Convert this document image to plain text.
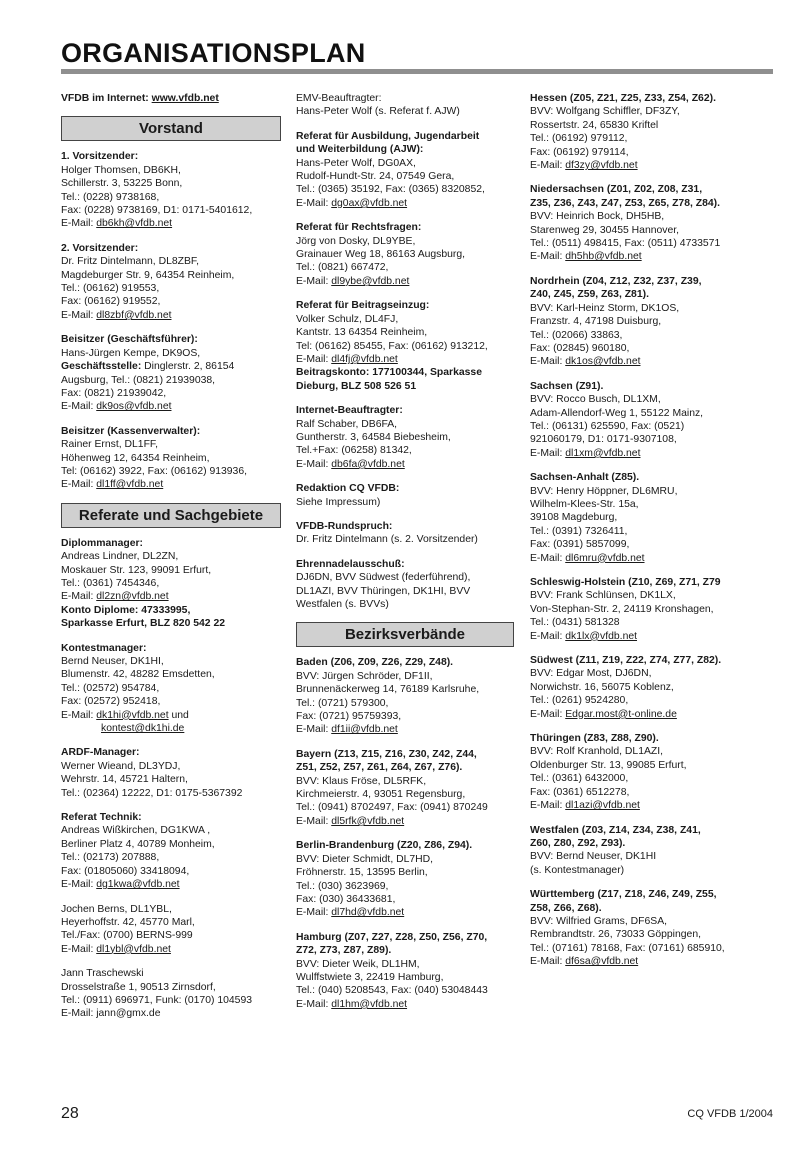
ORGANISATIONSPLAN
VFDB im Internet: www.vfdb.net
Vorstand
1. Vorsitzender:
Holger Thomsen, DB6KH,
Schillerstr. 3, 53225 Bonn,
Tel.: (0228) 9738168,
Fax: (0228) 9738169, D1: 0171-5401612,
E-Mail: db6kh@vfdb.net
2. Vorsitzender:
Dr. Fritz Dintelmann, DL8ZBF,
Magdeburger Str. 9, 64354 Reinheim,
Tel.: (06162) 919553,
Fax: (06162) 919552,
E-Mail: dl8zbf@vfdb.net
Beisitzer (Geschäftsführer):
Hans-Jürgen Kempe, DK9OS,
Geschäftsstelle: Dinglerstr. 2, 86154
Augsburg, Tel.: (0821) 21939038,
Fax: (0821) 21939042,
E-Mail: dk9os@vfdb.net
Beisitzer (Kassenverwalter):
Rainer Ernst, DL1FF,
Höhenweg 12, 64354 Reinheim,
Tel: (06162) 3922, Fax: (06162) 913936,
E-Mail: dl1ff@vfdb.net
Referate und Sachgebiete
Diplommanager:
Andreas Lindner, DL2ZN,
Moskauer Str. 123, 99091 Erfurt,
Tel.: (0361) 7454346,
E-Mail: dl2zn@vfdb.net
Konto Diplome: 47333995,
Sparkasse Erfurt, BLZ 820 542 22
Kontestmanager:
Bernd Neuser, DK1HI,
Blumenstr. 42, 48282 Emsdetten,
Tel.: (02572) 954784,
Fax: (02572) 952418,
E-Mail: dk1hi@vfdb.net und
kontest@dk1hi.de
ARDF-Manager:
Werner Wieand, DL3YDJ,
Wehrstr. 14, 45721 Haltern,
Tel.: (02364) 12222, D1: 0175-5367392
Referat Technik:
Andreas Wißkirchen, DG1KWA ,
Berliner Platz 4, 40789 Monheim,
Tel.: (02173) 207888,
Fax: (01805060) 33418094,
E-Mail: dg1kwa@vfdb.net
Jochen Berns, DL1YBL,
Heyerhoffstr. 42, 45770 Marl,
Tel./Fax: (0700) BERNS-999
E-Mail: dl1ybl@vfdb.net
Jann Traschewski
Drosselstraße 1, 90513 Zirnsdorf,
Tel.: (0911) 696971, Funk: (0170) 104593
E-Mail: jann@gmx.de
EMV-Beauftragter:
Hans-Peter Wolf (s. Referat f. AJW)
Referat für Ausbildung, Jugendarbeit
und Weiterbildung (AJW):
Hans-Peter Wolf, DG0AX,
Rudolf-Hundt-Str. 24, 07549 Gera,
Tel.: (0365) 35192, Fax: (0365) 8320852,
E-Mail: dg0ax@vfdb.net
Referat für Rechtsfragen:
Jörg von Dosky, DL9YBE,
Grainauer Weg 18, 86163 Augsburg,
Tel.: (0821) 667472,
E-Mail: dl9ybe@vfdb.net
Referat für Beitragseinzug:
Volker Schulz, DL4FJ,
Kantstr. 13 64354 Reinheim,
Tel: (06162) 85455, Fax: (06162) 913212,
E-Mail: dl4fj@vfdb.net
Beitragskonto: 177100344, Sparkasse
Dieburg, BLZ 508 526 51
Internet-Beauftragter:
Ralf Schaber, DB6FA,
Guntherstr. 3, 64584 Biebesheim,
Tel.+Fax: (06258) 81342,
E-Mail: db6fa@vfdb.net
Redaktion CQ VFDB:
Siehe Impressum)
VFDB-Rundspruch:
Dr. Fritz Dintelmann (s. 2. Vorsitzender)
Ehrennadelausschuß:
DJ6DN, BVV Südwest (federführend),
DL1AZI, BVV Thüringen, DK1HI, BVV
Westfalen (s. BVVs)
Bezirksverbände
Baden (Z06, Z09, Z26, Z29, Z48).
BVV: Jürgen Schröder, DF1II,
Brunnenäckerweg 14, 76189 Karlsruhe,
Tel.: (0721) 579300,
Fax: (0721) 95759393,
E-Mail: df1ii@vfdb.net
Bayern (Z13, Z15, Z16, Z30, Z42, Z44,
Z51, Z52, Z57, Z61, Z64, Z67, Z76).
BVV: Klaus Fröse, DL5RFK,
Kirchmeierstr. 4, 93051 Regensburg,
Tel.: (0941) 8702497, Fax: (0941) 870249
E-Mail: dl5rfk@vfdb.net
Berlin-Brandenburg (Z20, Z86, Z94).
BVV: Dieter Schmidt, DL7HD,
Fröhnerstr. 15, 13595 Berlin,
Tel.: (030) 3623969,
Fax: (030) 36433681,
E-Mail: dl7hd@vfdb.net
Hamburg (Z07, Z27, Z28, Z50, Z56, Z70,
Z72, Z73, Z87, Z89).
BVV: Dieter Weik, DL1HM,
Wulffstwiete 3, 22419 Hamburg,
Tel.: (040) 5208543, Fax: (040) 53048443
E-Mail: dl1hm@vfdb.net
Hessen (Z05, Z21, Z25, Z33, Z54, Z62).
BVV: Wolfgang Schiffler, DF3ZY,
Rossertstr. 24, 65830 Kriftel
Tel.: (06192) 979112,
Fax: (06192) 979114,
E-Mail: df3zy@vfdb.net
Niedersachsen (Z01, Z02, Z08, Z31,
Z35, Z36, Z43, Z47, Z53, Z65, Z78, Z84).
BVV: Heinrich Bock, DH5HB,
Starenweg 29, 30455 Hannover,
Tel.: (0511) 498415, Fax: (0511) 4733571
E-Mail: dh5hb@vfdb.net
Nordrhein (Z04, Z12, Z32, Z37, Z39,
Z40, Z45, Z59, Z63, Z81).
BVV: Karl-Heinz Storm, DK1OS,
Franzstr. 4, 47198 Duisburg,
Tel.: (02066) 33863,
Fax: (02845) 960180,
E-Mail: dk1os@vfdb.net
Sachsen (Z91).
BVV: Rocco Busch, DL1XM,
Adam-Allendorf-Weg 1, 55122 Mainz,
Tel.: (06131) 625590, Fax: (0521)
921060179, D1: 0171-9307108,
E-Mail: dl1xm@vfdb.net
Sachsen-Anhalt (Z85).
BVV: Henry Höppner, DL6MRU,
Wilhelm-Klees-Str. 15a,
39108 Magdeburg,
Tel.: (0391) 7326411,
Fax: (0391) 5857099,
E-Mail: dl6mru@vfdb.net
Schleswig-Holstein (Z10, Z69, Z71, Z79
BVV: Frank Schlünsen, DK1LX,
Von-Stephan-Str. 2, 24119 Kronshagen,
Tel.: (0431) 581328
E-Mail: dk1lx@vfdb.net
Südwest (Z11, Z19, Z22, Z74, Z77, Z82).
BVV: Edgar Most, DJ6DN,
Norwichstr. 16, 56075 Koblenz,
Tel.: (0261) 9524280,
E-Mail: Edgar.most@t-online.de
Thüringen (Z83, Z88, Z90).
BVV: Rolf Kranhold, DL1AZI,
Oldenburger Str. 13, 99085 Erfurt,
Tel.: (0361) 6432000,
Fax: (0361) 6512278,
E-Mail: dl1azi@vfdb.net
Westfalen (Z03, Z14, Z34, Z38, Z41,
Z60, Z80, Z92, Z93).
BVV: Bernd Neuser, DK1HI
(s. Kontestmanager)
Württemberg (Z17, Z18, Z46, Z49, Z55,
Z58, Z66, Z68).
BVV: Wilfried Grams, DF6SA,
Rembrandtstr. 26, 73033 Göppingen,
Tel.: (07161) 78168, Fax: (07161) 685910,
E-Mail: df6sa@vfdb.net
28	CQ VFDB 1/2004
